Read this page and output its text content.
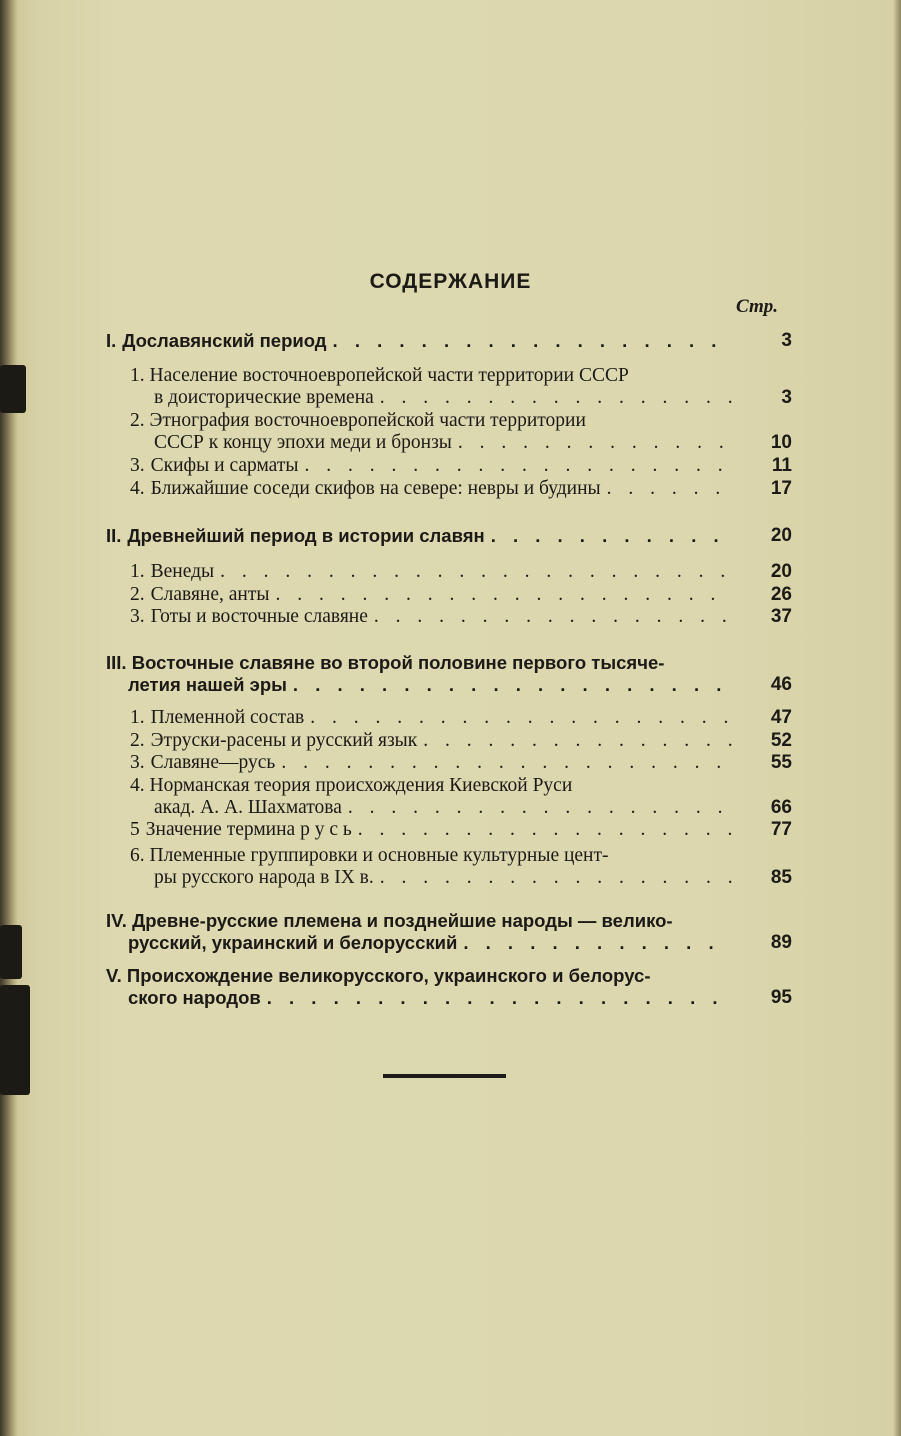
СОДЕРЖАНИЕ
Стр.
I. Дославянский период . . .	3
1. Население восточноевропейской части территории СССР
в доисторические времена . . .	3
2. Этнография восточноевропейской части территории
СССР к концу эпохи меди и бронзы . . .	10
3. Скифы и сарматы . . .	11
4. Ближайшие соседи скифов на севере: невры и будины . . .	17
II. Древнейший период в истории славян . . .	20
1. Венеды . . .	20
2. Славяне, анты . . .	26
3. Готы и восточные славяне . . .	37
III. Восточные славяне во второй половине первого тысяче-
летия нашей эры . . .	46
1. Племенной состав . . .	47
2. Этруски-расены и русский язык . . .	52
3. Славяне—русь . . .	55
4. Норманская теория происхождения Киевской Руси
акад. А. А. Шахматова . . .	66
5 Значение термина р у с ь . . .	77
6. Племенные группировки и основные культурные цент-
ры русского народа в IX в. . . .	85
IV. Древне-русские племена и позднейшие народы — велико-
русский, украинский и белорусский . . .	89
V. Происхождение великорусского, украинского и белорус-
ского народов . . .	95
